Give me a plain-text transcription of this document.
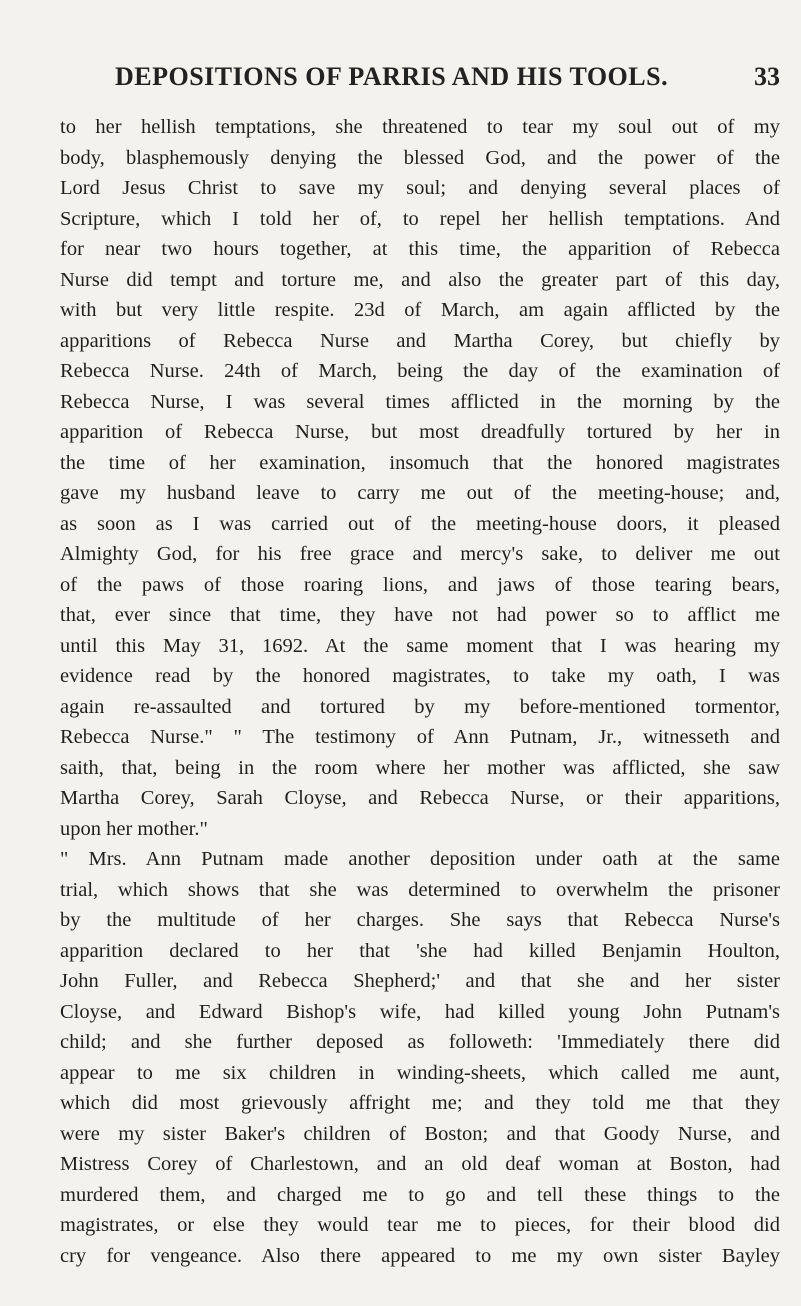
DEPOSITIONS OF PARRIS AND HIS TOOLS.	33
to her hellish temptations, she threatened to tear my soul out of my
body, blasphemously denying the blessed God, and the power of the
Lord Jesus Christ to save my soul; and denying several places of
Scripture, which I told her of, to repel her hellish temptations. And
for near two hours together, at this time, the apparition of Rebecca
Nurse did tempt and torture me, and also the greater part of this day,
with but very little respite. 23d of March, am again afflicted by the
apparitions of Rebecca Nurse and Martha Corey, but chiefly by
Rebecca Nurse. 24th of March, being the day of the examination of
Rebecca Nurse, I was several times afflicted in the morning by the
apparition of Rebecca Nurse, but most dreadfully tortured by her in
the time of her examination, insomuch that the honored magistrates
gave my husband leave to carry me out of the meeting-house; and,
as soon as I was carried out of the meeting-house doors, it pleased
Almighty God, for his free grace and mercy's sake, to deliver me out
of the paws of those roaring lions, and jaws of those tearing bears,
that, ever since that time, they have not had power so to afflict me
until this May 31, 1692. At the same moment that I was hearing my
evidence read by the honored magistrates, to take my oath, I was
again re-assaulted and tortured by my before-mentioned tormentor,
Rebecca Nurse." " The testimony of Ann Putnam, Jr., witnesseth and
saith, that, being in the room where her mother was afflicted, she saw
Martha Corey, Sarah Cloyse, and Rebecca Nurse, or their apparitions,
upon her mother."
" Mrs. Ann Putnam made another deposition under oath at the same
trial, which shows that she was determined to overwhelm the prisoner
by the multitude of her charges. She says that Rebecca Nurse's
apparition declared to her that 'she had killed Benjamin Houlton,
John Fuller, and Rebecca Shepherd;' and that she and her sister
Cloyse, and Edward Bishop's wife, had killed young John Putnam's
child; and she further deposed as followeth: 'Immediately there did
appear to me six children in winding-sheets, which called me aunt,
which did most grievously affright me; and they told me that they
were my sister Baker's children of Boston; and that Goody Nurse, and
Mistress Corey of Charlestown, and an old deaf woman at Boston, had
murdered them, and charged me to go and tell these things to the
magistrates, or else they would tear me to pieces, for their blood did
cry for vengeance. Also there appeared to me my own sister Bayley
